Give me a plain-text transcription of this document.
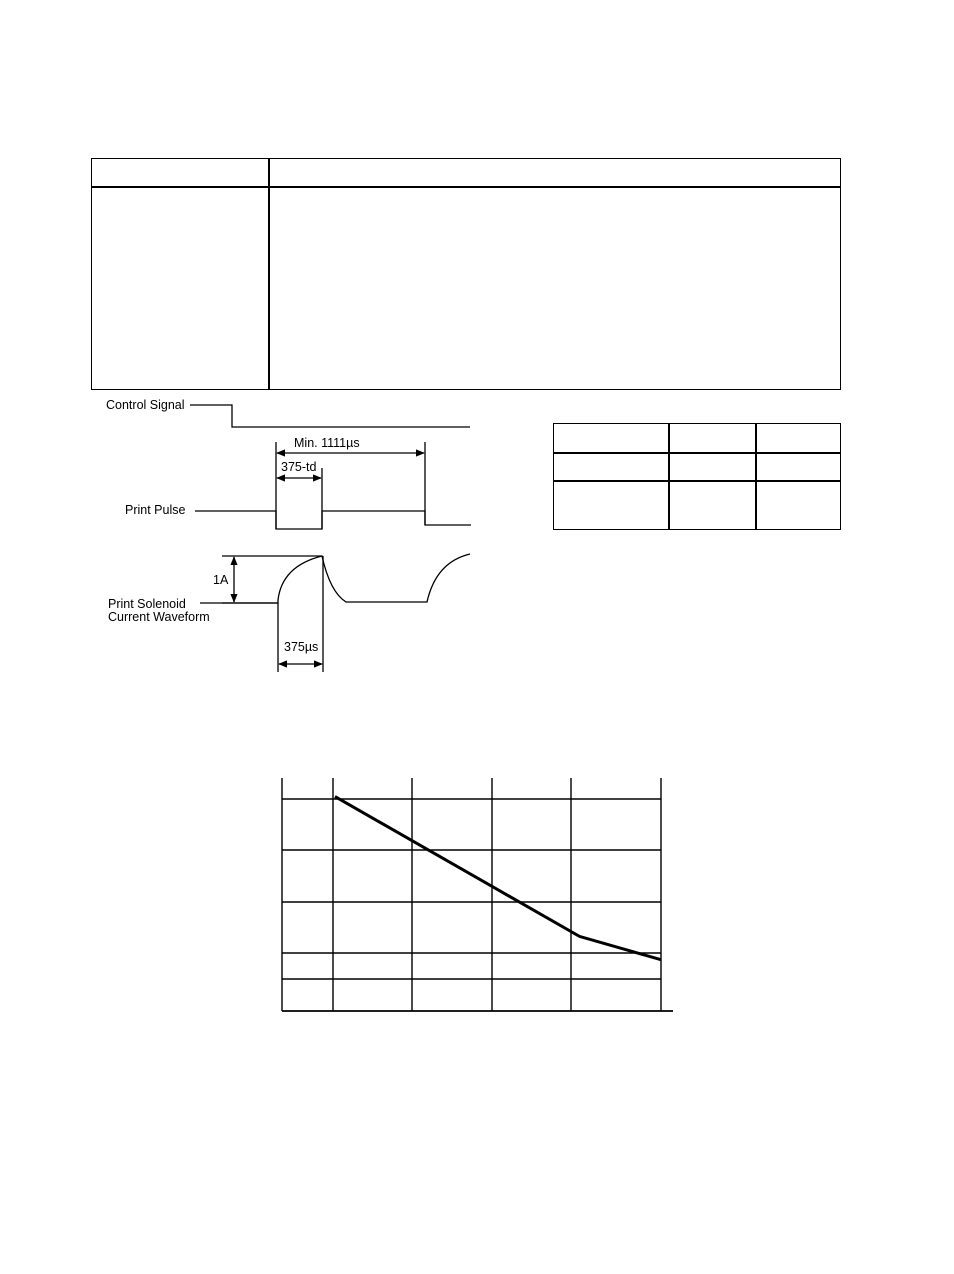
Control Signal
Min. 1111µs
375-td
Print Pulse
1A
Print Solenoid
Current Waveform
375µs
